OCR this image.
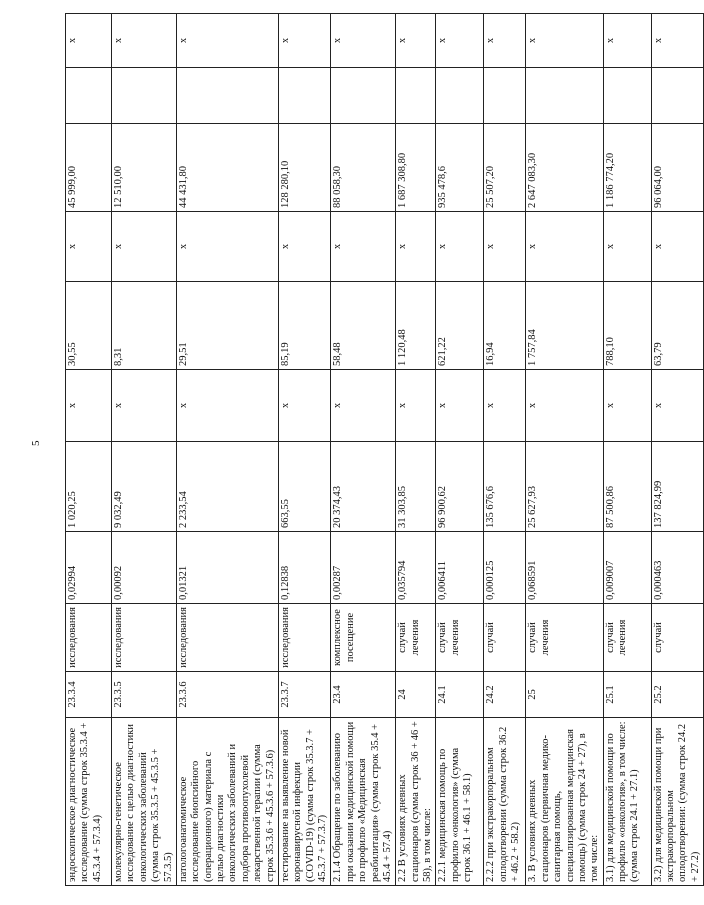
5
эндоскопическое диагностическое исследование (сумма строк 35.3.4 + 45.3.4 + 57.3.4)	23.3.4	исследования	0,02994	1 020,25	х	30,55	х	45 999,00		х
молекулярно-генетическое исследование с целью диагностики онкологических заболеваний (сумма строк 35.3.5 + 45.3.5 + 57.3.5)	23.3.5	исследования	0,00092	9 032,49	х	8,31	х	12 510,00		х
патологоанатомическое исследование биопсийного (операционного) материала с целью диагностики онкологических заболеваний и подбора противоопухолевой лекарственной терапии (сумма строк 35.3.6 + 45.3.6 + 57.3.6)	23.3.6	исследования	0,01321	2 233,54	х	29,51	х	44 431,80		х
тестирование на выявление новой коронавирусной инфекции (COVID-19) (сумма строк 35.3.7 + 45.3.7 + 57.3.7)	23.3.7	исследования	0,12838	663,55	х	85,19	х	128 280,10		х
2.1.4 Обращение по заболеванию при оказании медицинской помощи по профилю «Медицинская реабилитация» (сумма строк 35.4 + 45.4 + 57.4)	23.4	комплексное посещение	0,00287	20 374,43	х	58,48	х	88 058,30		х
2.2 В условиях дневных стационаров (сумма строк 36 + 46 + 58), в том числе:	24	случай лечения	0,035794	31 303,85	х	1 120,48	х	1 687 308,80		х
2.2.1 медицинская помощь по профилю «онкология» (сумма строк 36.1 + 46.1 + 58.1)	24.1	случай лечения	0,006411	96 900,62	х	621,22	х	935 478,6		х
2.2.2 при экстракорпоральном оплодотворении (сумма строк 36.2 + 46.2 + 58.2)	24.2	случай	0,000125	135 676,6	х	16,94	х	25 507,20		х
3. В условиях дневных стационаров (первичная медико-санитарная помощь, специализированная медицинская помощь) (сумма строк 24 + 27), в том числе:	25	случай лечения	0,068591	25 627,93	х	1 757,84	х	2 647 083,30		х
3.1) для медицинской помощи по профилю «онкология», в том числе: (сумма строк 24.1 + 27.1)	25.1	случай лечения	0,009007	87 500,86	х	788,10	х	1 186 774,20		х
3.2) для медицинской помощи при экстракорпоральном оплодотворении: (сумма строк 24.2 + 27.2)	25.2	случай	0,000463	137 824,99	х	63,79	х	96 064,00		х
